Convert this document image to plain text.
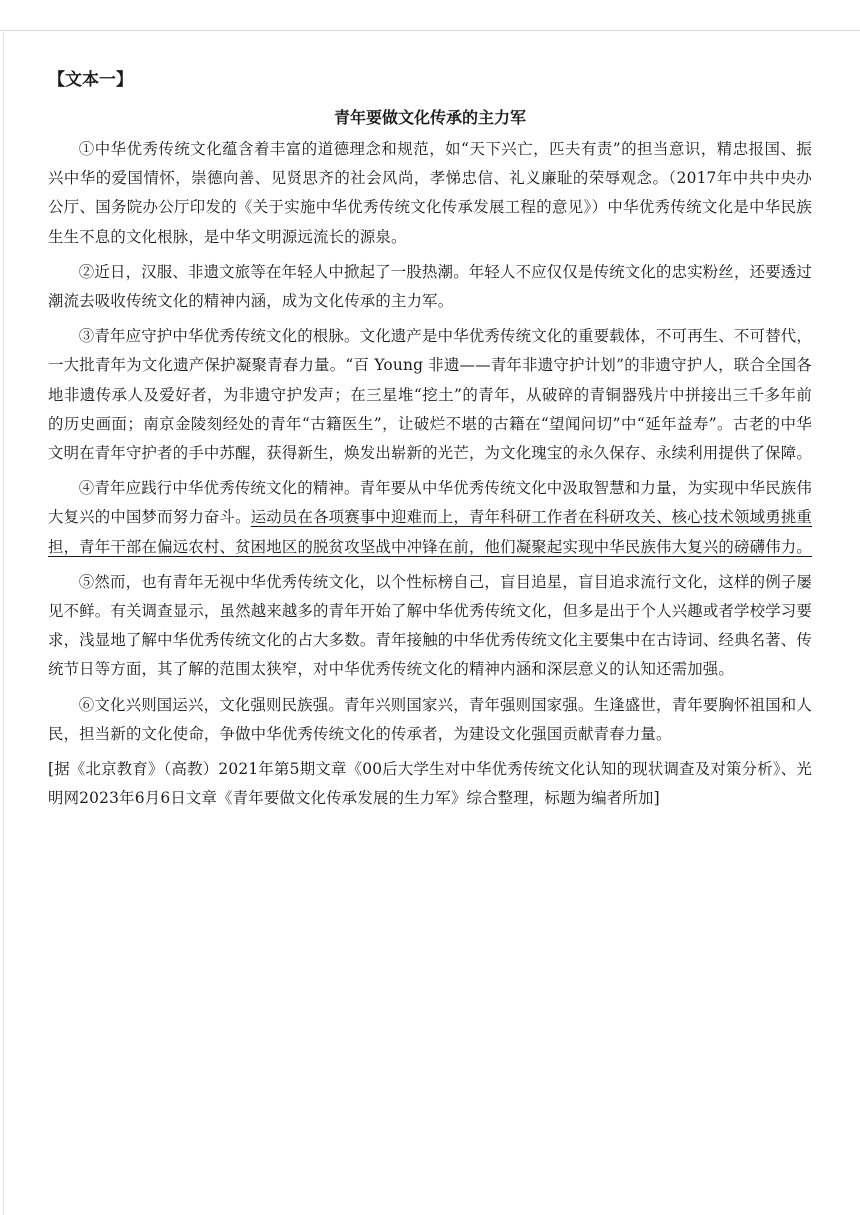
【文本一】
青年要做文化传承的主力军

①中华优秀传统文化蕴含着丰富的道德理念和规范，如“天下兴亡，匹夫有责”的担当意识，精忠报国、振兴中华的爱国情怀，崇德向善、见贤思齐的社会风尚，孝悌忠信、礼义廉耻的荣辱观念。（2017年中共中央办公厅、国务院办公厅印发的《关于实施中华优秀传统文化传承发展工程的意见》）中华优秀传统文化是中华民族生生不息的文化根脉，是中华文明源远流长的源泉。

②近日，汉服、非遗文旅等在年轻人中掀起了一股热潮。年轻人不应仅仅是传统文化的忠实粉丝，还要透过潮流去吸收传统文化的精神内涵，成为文化传承的主力军。

③青年应守护中华优秀传统文化的根脉。文化遗产是中华优秀传统文化的重要载体，不可再生、不可替代，一大批青年为文化遗产保护凝聚青春力量。“百 Young 非遗——青年非遗守护计划”的非遗守护人，联合全国各地非遗传承人及爱好者，为非遗守护发声；在三星堆“挖土”的青年，从破碎的青铜器残片中拼接出三千多年前的历史画面；南京金陵刻经处的青年“古籍医生”，让破烂不堪的古籍在“望闻问切”中“延年益寿”。古老的中华文明在青年守护者的手中苏醒，获得新生，焕发出崭新的光芒，为文化瑰宝的永久保存、永续利用提供了保障。

④青年应践行中华优秀传统文化的精神。青年要从中华优秀传统文化中汲取智慧和力量，为实现中华民族伟大复兴的中国梦而努力奋斗。运动员在各项赛事中迎难而上，青年科研工作者在科研攻关、核心技术领域勇挑重担，青年干部在偏远农村、贫困地区的脱贫攻坚战中冲锋在前，他们凝聚起实现中华民族伟大复兴的磅礴伟力。

⑤然而，也有青年无视中华优秀传统文化，以个性标榜自己，盲目追星，盲目追求流行文化，这样的例子屡见不鲜。有关调查显示，虽然越来越多的青年开始了解中华优秀传统文化，但多是出于个人兴趣或者学校学习要求，浅显地了解中华优秀传统文化的占大多数。青年接触的中华优秀传统文化主要集中在古诗词、经典名著、传统节日等方面，其了解的范围太狭窄，对中华优秀传统文化的精神内涵和深层意义的认知还需加强。

⑥文化兴则国运兴，文化强则民族强。青年兴则国家兴，青年强则国家强。生逢盛世，青年要胸怀祖国和人民，担当新的文化使命，争做中华优秀传统文化的传承者，为建设文化强国贡献青春力量。

[据《北京教育》（高教）2021年第5期文章《00后大学生对中华优秀传统文化认知的现状调查及对策分析》、光明网2023年6月6日文章《青年要做文化传承发展的生力军》综合整理，标题为编者所加]
